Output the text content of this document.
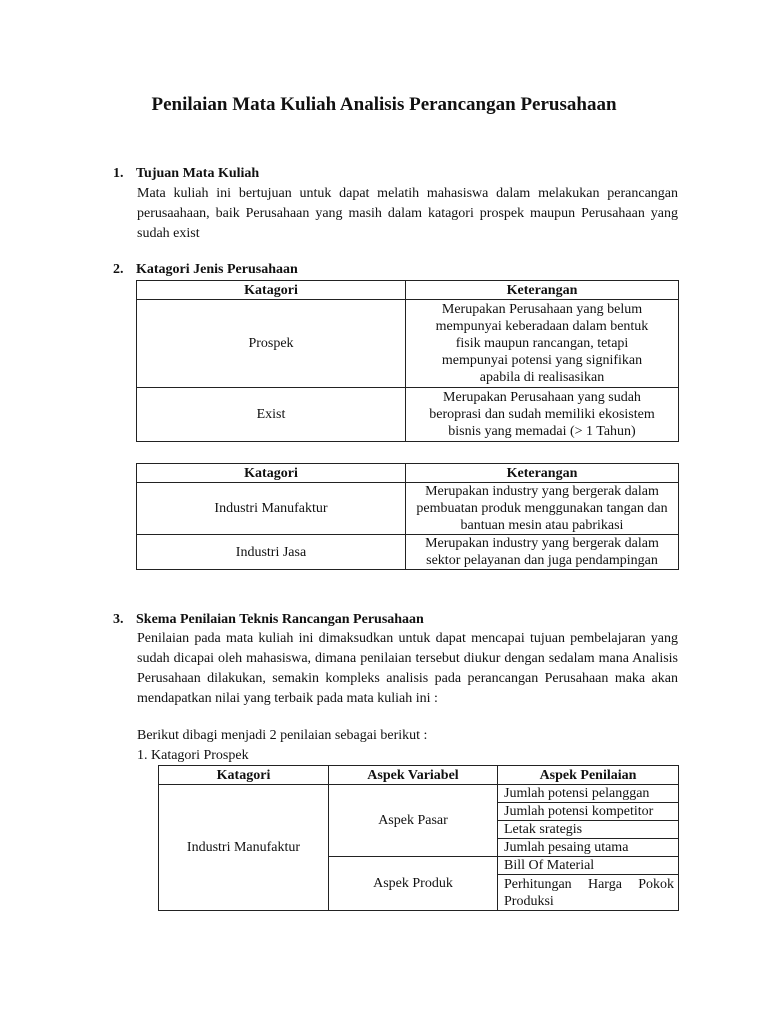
Penilaian Mata Kuliah Analisis Perancangan Perusahaan
1. Tujuan Mata Kuliah
Mata kuliah ini bertujuan untuk dapat melatih mahasiswa dalam melakukan perancangan perusaahaan, baik Perusahaan yang masih dalam katagori prospek maupun Perusahaan yang sudah exist
2. Katagori Jenis Perusahaan
Katagori	Keterangan
Prospek	Merupakan Perusahaan yang belum mempunyai keberadaan dalam bentuk fisik maupun rancangan, tetapi mempunyai potensi yang signifikan apabila di realisasikan
Exist	Merupakan Perusahaan yang sudah beroprasi dan sudah memiliki ekosistem bisnis yang memadai (> 1 Tahun)
Katagori	Keterangan
Industri Manufaktur	Merupakan industry yang bergerak dalam pembuatan produk menggunakan tangan dan bantuan mesin atau pabrikasi
Industri Jasa	Merupakan industry yang bergerak dalam sektor pelayanan dan juga pendampingan
3. Skema Penilaian Teknis Rancangan Perusahaan
Penilaian pada mata kuliah ini dimaksudkan untuk dapat mencapai tujuan pembelajaran yang sudah dicapai oleh mahasiswa, dimana penilaian tersebut diukur dengan sedalam mana Analisis Perusahaan dilakukan, semakin kompleks analisis pada perancangan Perusahaan maka akan mendapatkan nilai yang terbaik pada mata kuliah ini :
Berikut dibagi menjadi 2 penilaian sebagai berikut :
1. Katagori Prospek
Katagori	Aspek Variabel	Aspek Penilaian
Industri Manufaktur	Aspek Pasar	Jumlah potensi pelanggan
		Jumlah potensi kompetitor
		Letak srategis
		Jumlah pesaing utama
	Aspek Produk	Bill Of Material
		Perhitungan Harga Pokok Produksi
